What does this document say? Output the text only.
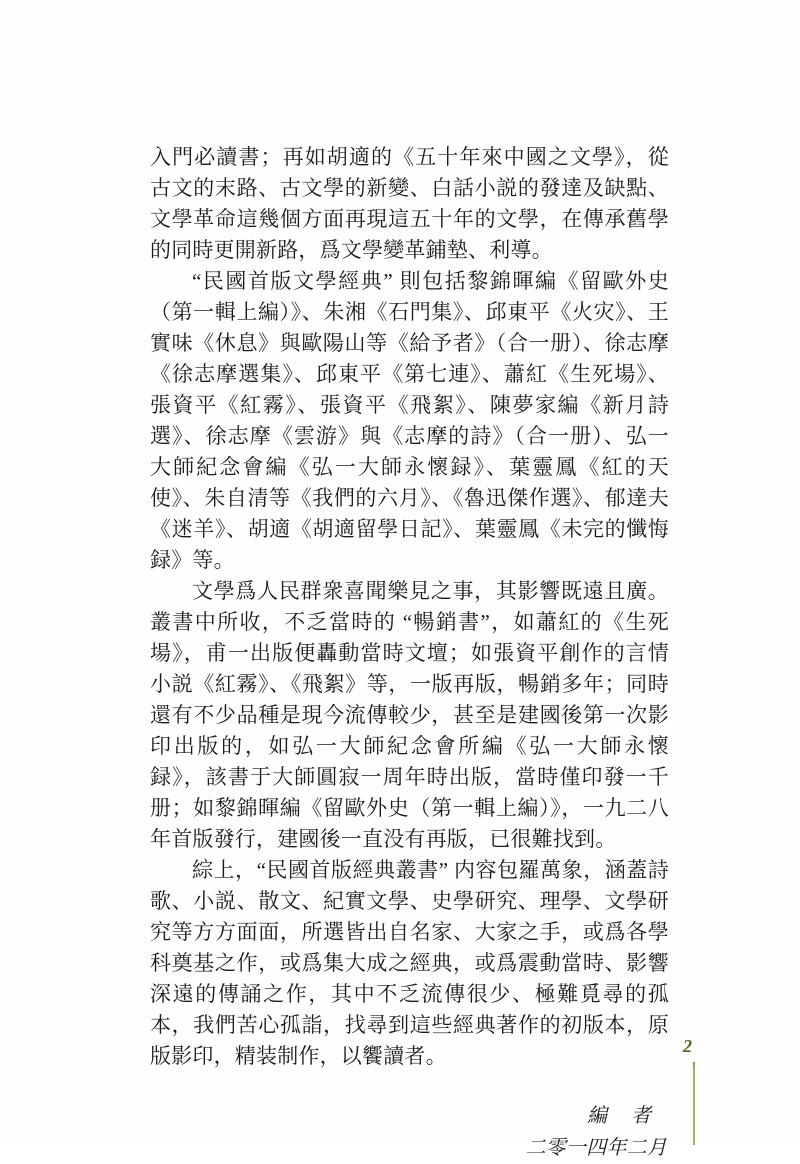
入門必讀書；再如胡適的《五十年來中國之文學》，從古文的末路、古文學的新變、白話小説的發達及缺點、文學革命這幾個方面再現這五十年的文學，在傳承舊學的同時更開新路，爲文學變革鋪墊、利導。

“民國首版文學經典” 則包括黎錦暉編《留歐外史（第一輯上編）》、朱湘《石門集》、邱東平《火灾》、王實味《休息》與歐陽山等《給予者》（合一册）、徐志摩《徐志摩選集》、邱東平《第七連》、蕭紅《生死場》、張資平《紅霧》、張資平《飛絮》、陳夢家編《新月詩選》、徐志摩《雲游》與《志摩的詩》（合一册）、弘一大師紀念會編《弘一大師永懷録》、葉靈鳳《紅的天使》、朱自清等《我們的六月》、《魯迅傑作選》、郁達夫《迷羊》、胡適《胡適留學日記》、葉靈鳳《未完的懺悔録》等。

文學爲人民群衆喜聞樂見之事，其影響既遠且廣。叢書中所收，不乏當時的 “暢銷書”，如蕭紅的《生死場》，甫一出版便轟動當時文壇；如張資平創作的言情小説《紅霧》、《飛絮》等，一版再版，暢銷多年；同時還有不少品種是現今流傳較少，甚至是建國後第一次影印出版的，如弘一大師紀念會所編《弘一大師永懷録》，該書于大師圓寂一周年時出版，當時僅印發一千册；如黎錦暉編《留歐外史（第一輯上編）》，一九二八年首版發行，建國後一直没有再版，已很難找到。

綜上，“民國首版經典叢書” 内容包羅萬象，涵蓋詩歌、小説、散文、紀實文學、史學研究、理學、文學研究等方方面面，所選皆出自名家、大家之手，或爲各學科奠基之作，或爲集大成之經典，或爲震動當時、影響深遠的傳誦之作，其中不乏流傳很少、極難覓尋的孤本，我們苦心孤詣，找尋到這些經典著作的初版本，原版影印，精装制作，以饗讀者。

編　者
二零一四年二月
2
